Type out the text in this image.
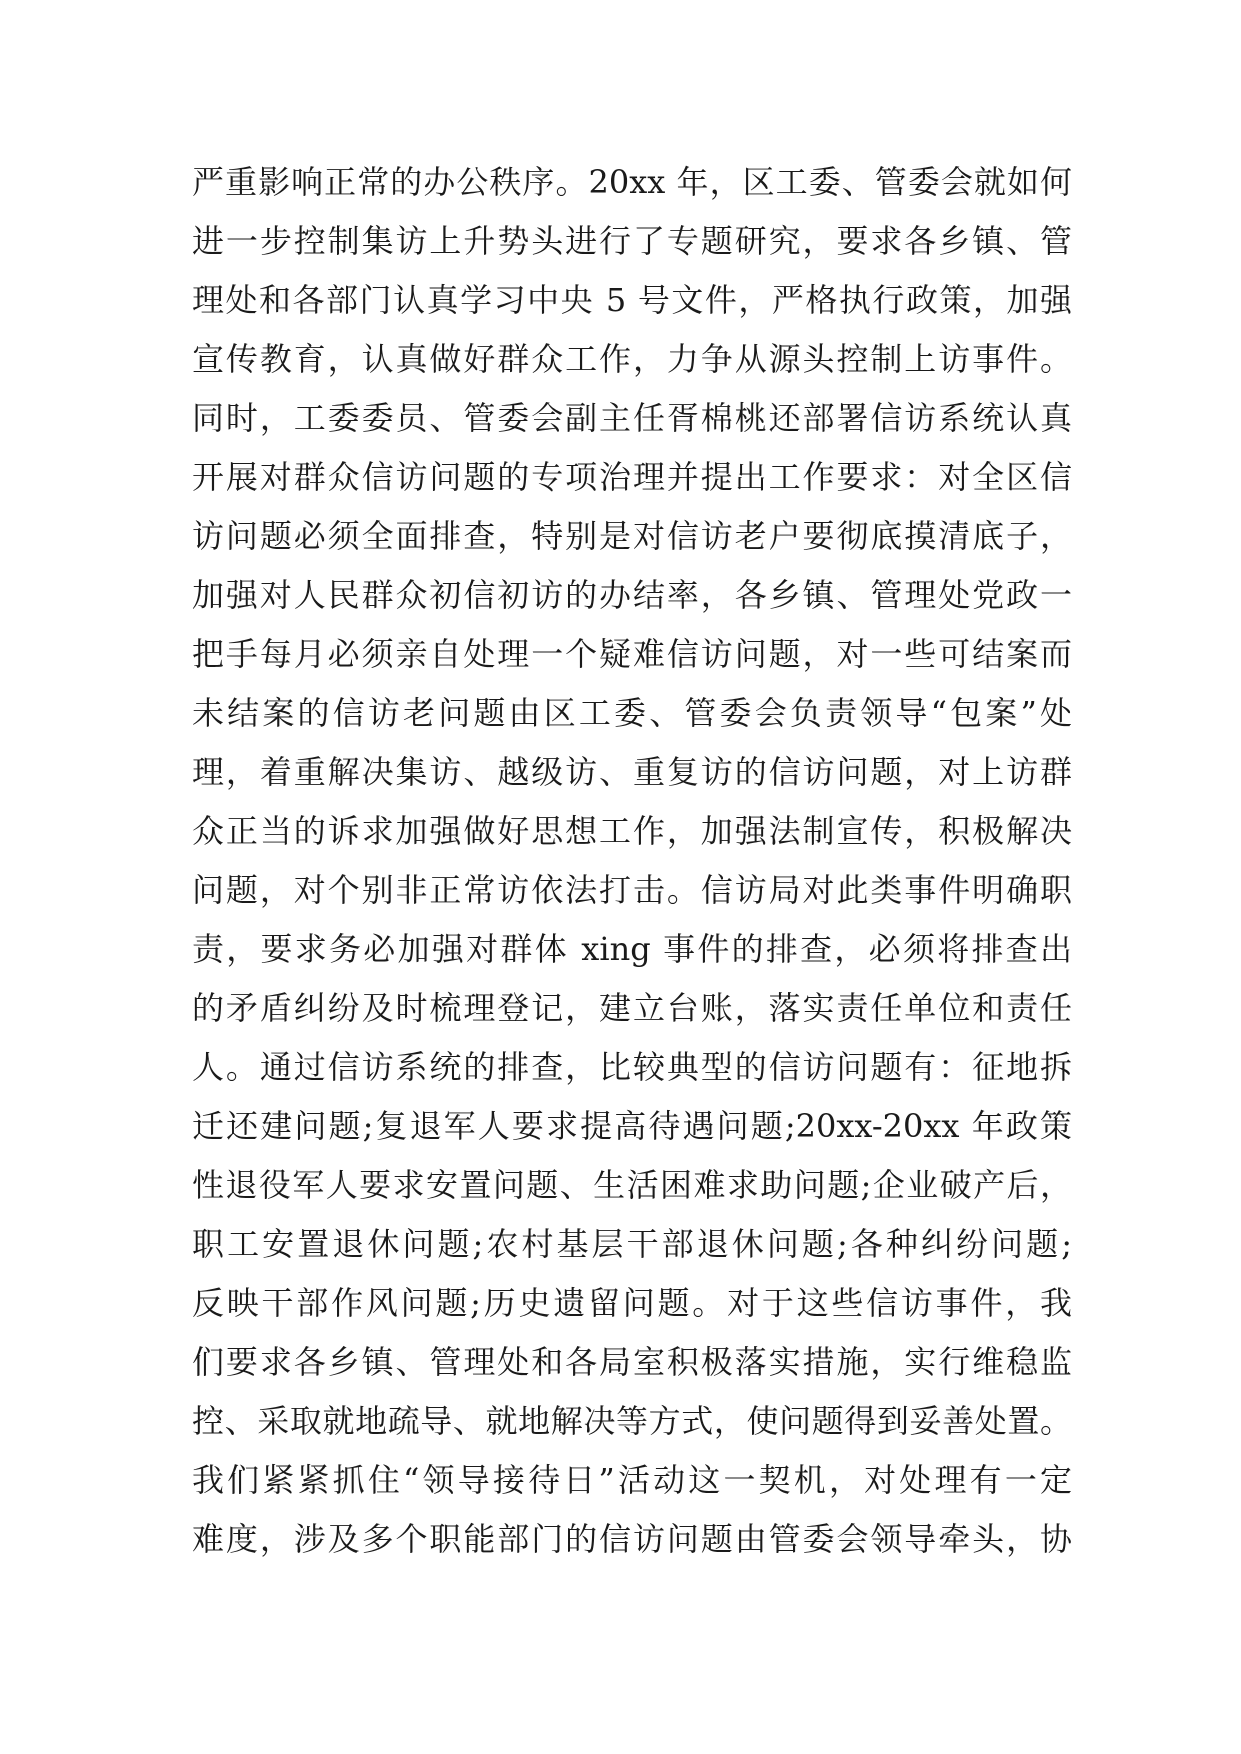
严重影响正常的办公秩序。20xx 年，区工委、管委会就如何
进一步控制集访上升势头进行了专题研究，要求各乡镇、管
理处和各部门认真学习中央 5 号文件，严格执行政策，加强
宣传教育，认真做好群众工作，力争从源头控制上访事件。
同时，工委委员、管委会副主任胥棉桃还部署信访系统认真
开展对群众信访问题的专项治理并提出工作要求：对全区信
访问题必须全面排查，特别是对信访老户要彻底摸清底子，
加强对人民群众初信初访的办结率，各乡镇、管理处党政一
把手每月必须亲自处理一个疑难信访问题，对一些可结案而
未结案的信访老问题由区工委、管委会负责领导“包案”处
理，着重解决集访、越级访、重复访的信访问题，对上访群
众正当的诉求加强做好思想工作，加强法制宣传，积极解决
问题，对个别非正常访依法打击。信访局对此类事件明确职
责，要求务必加强对群体 xing 事件的排查，必须将排查出
的矛盾纠纷及时梳理登记，建立台账，落实责任单位和责任
人。通过信访系统的排查，比较典型的信访问题有：征地拆
迁还建问题;复退军人要求提高待遇问题;20xx-20xx 年政策
性退役军人要求安置问题、生活困难求助问题;企业破产后，
职工安置退休问题;农村基层干部退休问题;各种纠纷问题;
反映干部作风问题;历史遗留问题。对于这些信访事件，我
们要求各乡镇、管理处和各局室积极落实措施，实行维稳监
控、采取就地疏导、就地解决等方式，使问题得到妥善处置。
我们紧紧抓住“领导接待日”活动这一契机，对处理有一定
难度，涉及多个职能部门的信访问题由管委会领导牵头，协
